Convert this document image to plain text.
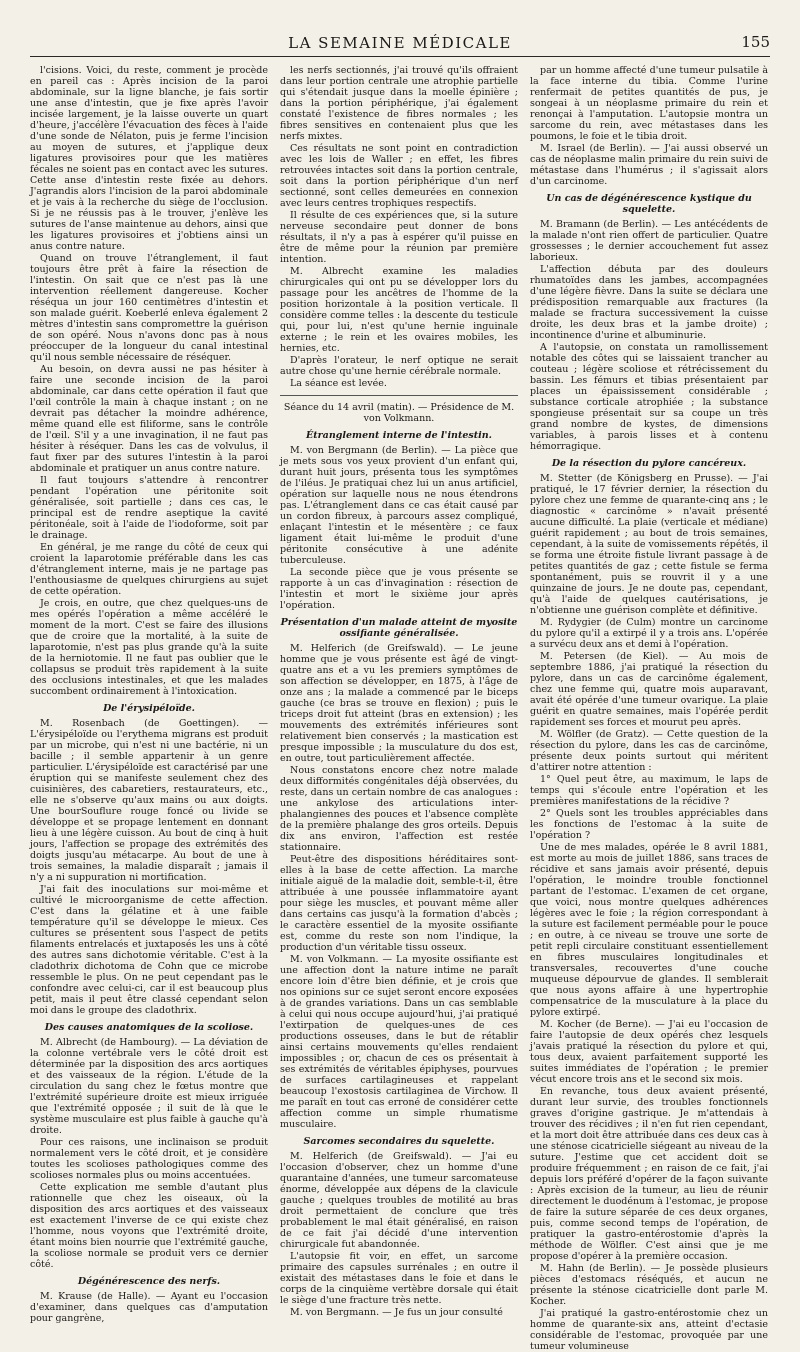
LA SEMAINE MÉDICALE	155

l'cisions. Voici, du reste, comment je procède en pareil cas : Après incision de la paroi abdominale, sur la ligne blanche, je fais sortir une anse d'intestin, que je fixe après l'avoir incisée largement, je la laisse ouverte un quart d'heure, j'accélère l'évacuation des fèces à l'aide d'une sonde de Nélaton, puis je ferme l'incision au moyen de sutures, et j'applique deux ligatures provisoires pour que les matières fécales ne soient pas en contact avec les sutures. Cette anse d'intestin reste fixée au dehors. J'agrandis alors l'incision de la paroi abdominale et je vais à la recherche du siège de l'occlusion. Si je ne réussis pas à le trouver, j'enlève les sutures de l'anse maintenue au dehors, ainsi que les ligatures provisoires et j'obtiens ainsi un anus contre nature.

Quand on trouve l'étranglement, il faut toujours être prêt à faire la résection de l'intestin. On sait que ce n'est pas là une intervention réellement dangereuse. Kocher réséqua un jour 160 centimètres d'intestin et son malade guérit. Koeberlé enleva également 2 mètres d'intestin sans compromettre la guérison de son opéré. Nous n'avons donc pas à nous préoccuper de la longueur du canal intestinal qu'il nous semble nécessaire de réséquer.

Au besoin, on devra aussi ne pas hésiter à faire une seconde incision de la paroi abdominale, car dans cette opération il faut que l'œil contrôle la main à chaque instant ; on ne devrait pas détacher la moindre adhérence, même quand elle est filiforme, sans le contrôle de l'œil. S'il y a une invagination, il ne faut pas hésiter à réséquer. Dans les cas de volvulus, il faut fixer par des sutures l'intestin à la paroi abdominale et pratiquer un anus contre nature.

Il faut toujours s'attendre à rencontrer pendant l'opération une péritonite soit généralisée, soit partielle ; dans ces cas, le principal est de rendre aseptique la cavité péritonéale, soit à l'aide de l'iodoforme, soit par le drainage.

En général, je me range du côté de ceux qui croient la laparotomie préférable dans les cas d'étranglement interne, mais je ne partage pas l'enthousiasme de quelques chirurgiens au sujet de cette opération.

Je crois, en outre, que chez quelques-uns de mes opérés l'opération a même accéléré le moment de la mort. C'est se faire des illusions que de croire que la mortalité, à la suite de laparotomie, n'est pas plus grande qu'à la suite de la herniotomie. Il ne faut pas oublier que le collapsus se produit très rapidement à la suite des occlusions intestinales, et que les malades succombent ordinairement à l'intoxication.

De l'érysipéloïde.

M. Rosenbach (de Goettingen). — L'érysipéloïde ou l'erythema migrans est produit par un microbe, qui n'est ni une bactérie, ni un bacille ; il semble appartenir à un genre particulier. L'érysipéloïde est caractérisé par une éruption qui se manifeste seulement chez des cuisinières, des cabaretiers, restaurateurs, etc., elle ne s'observe qu'aux mains ou aux doigts. Une bourSouflure rouge foncé ou livide se développe et se propage lentement en donnant lieu à une légère cuisson. Au bout de cinq à huit jours, l'affection se propage des extrémités des doigts jusqu'au métacarpe. Au bout de une à trois semaines, la maladie disparaît ; jamais il n'y a ni suppuration ni mortification.

J'ai fait des inoculations sur moi-même et cultivé le microorganisme de cette affection. C'est dans la gélatine et à une faible température qu'il se développe le mieux. Ces cultures se présentent sous l'aspect de petits filaments entrelacés et juxtaposés les uns à côté des autres sans dichotomie véritable. C'est à la cladothrix dichotoma de Cohn que ce microbe ressemble le plus. On ne peut cependant pas le confondre avec celui-ci, car il est beaucoup plus petit, mais il peut être classé cependant selon moi dans le groupe des cladothrix.

Des causes anatomiques de la scoliose.

M. Albrecht (de Hambourg). — La déviation de la colonne vertébrale vers le côté droit est déterminée par la disposition des arcs aortiques et des vaisseaux de la région. L'étude de la circulation du sang chez le fœtus montre que l'extrémité supérieure droite est mieux irriguée que l'extrémité opposée ; il suit de là que le système musculaire est plus faible à gauche qu'à droite.

Pour ces raisons, une inclinaison se produit normalement vers le côté droit, et je considère toutes les scolioses pathologiques comme des scolioses normales plus ou moins accentuées.

Cette explication me semble d'autant plus rationnelle que chez les oiseaux, où la disposition des arcs aortiques et des vaisseaux est exactement l'inverse de ce qui existe chez l'homme, nous voyons que l'extrémité droite, étant moins bien nourrie que l'extrémité gauche, la scoliose normale se produit vers ce dernier côté.

Dégénérescence des nerfs.

M. Krause (de Halle). — Ayant eu l'occasion d'examiner, dans quelques cas d'amputation pour gangrène,

les nerfs sectionnés, j'ai trouvé qu'ils offraient dans leur portion centrale une atrophie partielle qui s'étendait jusque dans la moelle épinière ; dans la portion périphérique, j'ai également constaté l'existence de fibres normales ; les fibres sensitives en contenaient plus que les nerfs mixtes.

Ces résultats ne sont point en contradiction avec les lois de Waller ; en effet, les fibres retrouvées intactes soit dans la portion centrale, soit dans la portion périphérique d'un nerf sectionné, sont celles demeurées en connexion avec leurs centres trophiques respectifs.

Il résulte de ces expériences que, si la suture nerveuse secondaire peut donner de bons résultats, il n'y a pas à espérer qu'il puisse en être de même pour la réunion par première intention.

M. Albrecht examine les maladies chirurgicales qui ont pu se développer lors du passage pour les ancêtres de l'homme de la position horizontale à la position verticale. Il considère comme telles : la descente du testicule qui, pour lui, n'est qu'une hernie inguinale externe ; le rein et les ovaires mobiles, les hernies, etc.

D'après l'orateur, le nerf optique ne serait autre chose qu'une hernie cérébrale normale.

La séance est levée.

Séance du 14 avril (matin). — Présidence de M. von Volkmann.
Étranglement interne de l'intestin.

M. von Bergmann (de Berlin). — La pièce que je mets sous vos yeux provient d'un enfant qui, durant huit jours, présenta tous les symptômes de l'iléus. Je pratiquai chez lui un anus artificiel, opération sur laquelle nous ne nous étendrons pas. L'étranglement dans ce cas était causé par un cordon fibreux, à parcours assez compliqué, enlaçant l'intestin et le mésentère ; ce faux ligament était lui-même le produit d'une péritonite consécutive à une adénite tuberculeuse.

La seconde pièce que je vous présente se rapporte à un cas d'invagination : résection de l'intestin et mort le sixième jour après l'opération.

Présentation d'un malade atteint de myosite ossifiante généralisée.

M. Helferich (de Greifswald). — Le jeune homme que je vous présente est âgé de vingt-quatre ans et a vu les premiers symptômes de son affection se développer, en 1875, à l'âge de onze ans ; la malade a commencé par le biceps gauche (ce bras se trouve en flexion) ; puis le triceps droit fut atteint (bras en extension) ; les mouvements des extrémités inférieures sont relativement bien conservés ; la mastication est presque impossible ; la musculature du dos est, en outre, tout particulièrement affectée.

Nous constatons encore chez notre malade deux difformités congénitales déjà observées, du reste, dans un certain nombre de cas analogues : une ankylose des articulations inter-phalangiennes des pouces et l'absence complète de la première phalange des gros orteils. Depuis dix ans environ, l'affection est restée stationnaire.

Peut-être des dispositions héréditaires sont-elles à la base de cette affection. La marche initiale aiguë de la maladie doit, semble-t-il, être attribuée à une poussée inflammatoire ayant pour siège les muscles, et pouvant même aller dans certains cas jusqu'à la formation d'abcès ; le caractère essentiel de la myosite ossifiante est, comme du reste son nom l'indique, la production d'un véritable tissu osseux.

M. von Volkmann. — La myosite ossifiante est une affection dont la nature intime ne paraît encore loin d'être bien définie, et je crois que nos opinions sur ce sujet seront encore exposées à de grandes variations. Dans un cas semblable à celui qui nous occupe aujourd'hui, j'ai pratiqué l'extirpation de quelques-unes de ces productions osseuses, dans le but de rétablir ainsi certains mouvements qu'elles rendaient impossibles ; or, chacun de ces os présentait à ses extrémités de véritables épiphyses, pourvues de surfaces cartilagineuses et rappelant beaucoup l'exostosis cartilaginea de Virchow. Il me paraît en tout cas erroné de considérer cette affection comme un simple rhumatisme musculaire.

Sarcomes secondaires du squelette.

M. Helferich (de Greifswald). — J'ai eu l'occasion d'observer, chez un homme d'une quarantaine d'années, une tumeur sarcomateuse énorme, développée aux dépens de la clavicule gauche ; quelques troubles de motilité au bras droit permettaient de conclure que très probablement le mal était généralisé, en raison de ce fait j'ai décidé d'une intervention chirurgicale fut abandonnée.

L'autopsie fit voir, en effet, un sarcome primaire des capsules surrénales ; en outre il existait des métastases dans le foie et dans le corps de la cinquième vertèbre dorsale qui était le siège d'une fracture très nette.

M. von Bergmann. — Je fus un jour consulté

par un homme affecté d'une tumeur pulsatile à la face interne du tibia. Comme l'urine renfermait de petites quantités de pus, je songeai à un néoplasme primaire du rein et renonçai à l'amputation. L'autopsie montra un sarcome du rein, avec métastases dans les poumons, le foie et le tibia droit.

M. Israel (de Berlin). — J'ai aussi observé un cas de néoplasme malin primaire du rein suivi de métastase dans l'humérus ; il s'agissait alors d'un carcinome.

Un cas de dégénérescence kystique du squelette.

M. Bramann (de Berlin). — Les antécédents de la malade n'ont rien offert de particulier. Quatre grossesses ; le dernier accouchement fut assez laborieux.

L'affection débuta par des douleurs rhumatoïdes dans les jambes, accompagnées d'une légère fièvre. Dans la suite se déclara une prédisposition remarquable aux fractures (la malade se fractura successivement la cuisse droite, les deux bras et la jambe droite) ; incontinence d'urine et albuminurie.

A l'autopsie, on constata un ramollissement notable des côtes qui se laissaient trancher au couteau ; légère scoliose et rétrécissement du bassin. Les fémurs et tibias présentaient par places un épaississement considérable ; substance corticale atrophiée ; la substance spongieuse présentait sur sa coupe un très grand nombre de kystes, de dimensions variables, à parois lisses et à contenu hémorragique.

De la résection du pylore cancéreux.

M. Stetter (de Königsberg en Prusse). — J'ai pratiqué, le 17 février dernier, la résection du pylore chez une femme de quarante-cinq ans ; le diagnostic « carcinôme » n'avait présenté aucune difficulté. La plaie (verticale et médiane) guérit rapidement ; au bout de trois semaines, cependant, à la suite de vomissements répétés, il se forma une étroite fistule livrant passage à de petites quantités de gaz ; cette fistule se ferma spontanément, puis se rouvrit il y a une quinzaine de jours. Je ne doute pas, cependant, qu'à l'aide de quelques cautérisations, je n'obtienne une guérison complète et définitive.

M. Rydygier (de Culm) montre un carcinome du pylore qu'il a extirpé il y a trois ans. L'opérée a survécu deux ans et demi à l'opération.

M. Petersen (de Kiel). — Au mois de septembre 1886, j'ai pratiqué la résection du pylore, dans un cas de carcinôme également, chez une femme qui, quatre mois auparavant, avait été opérée d'une tumeur ovarique. La plaie guérit en quatre semaines, mais l'opérée perdit rapidement ses forces et mourut peu après.

M. Wölfler (de Gratz). — Cette question de la résection du pylore, dans les cas de carcinôme, présente deux points surtout qui méritent d'attirer notre attention :

1° Quel peut être, au maximum, le laps de temps qui s'écoule entre l'opération et les premières manifestations de la récidive ?

2° Quels sont les troubles appréciables dans les fonctions de l'estomac à la suite de l'opération ?

Une de mes malades, opérée le 8 avril 1881, est morte au mois de juillet 1886, sans traces de récidive et sans jamais avoir présenté, depuis l'opération, le moindre trouble fonctionnel partant de l'estomac. L'examen de cet organe, que voici, nous montre quelques adhérences légères avec le foie ; la région correspondant à la suture est facilement perméable pour le pouce ; en outre, à ce niveau se trouve une sorte de petit repli circulaire constituant essentiellement en fibres musculaires longitudinales et transversales, recouvertes d'une couche muqueuse dépourvue de glandes. Il semblerait que nous ayons affaire à une hypertrophie compensatrice de la musculature à la place du pylore extirpé.

M. Kocher (de Berne). — J'ai eu l'occasion de faire l'autopsie de deux opérés chez lesquels j'avais pratiqué la résection du pylore et qui, tous deux, avaient parfaitement supporté les suites immédiates de l'opération ; le premier vécut encore trois ans et le second six mois.

En revanche, tous deux avaient présenté, durant leur survie, des troubles fonctionnels graves d'origine gastrique. Je m'attendais à trouver des récidives ; il n'en fut rien cependant, et la mort doit être attribuée dans ces deux cas à une sténose cicatricielle siégeant au niveau de la suture. J'estime que cet accident doit se produire fréquemment ; en raison de ce fait, j'ai depuis lors préféré d'opérer de la façon suivante : Après excision de la tumeur, au lieu de réunir directement le duodénum à l'estomac, je propose de faire la suture séparée de ces deux organes, puis, comme second temps de l'opération, de pratiquer la gastro-entérostomie d'après la méthode de Wölfler. C'est ainsi que je me propose d'opérer à la première occasion.

M. Hahn (de Berlin). — Je possède plusieurs pièces d'estomacs réséqués, et aucun ne présente la sténose cicatricielle dont parle M. Kocher.

J'ai pratiqué la gastro-entérostomie chez un homme de quarante-six ans, atteint d'ectasie considérable de l'estomac, provoquée par une tumeur volumineuse
